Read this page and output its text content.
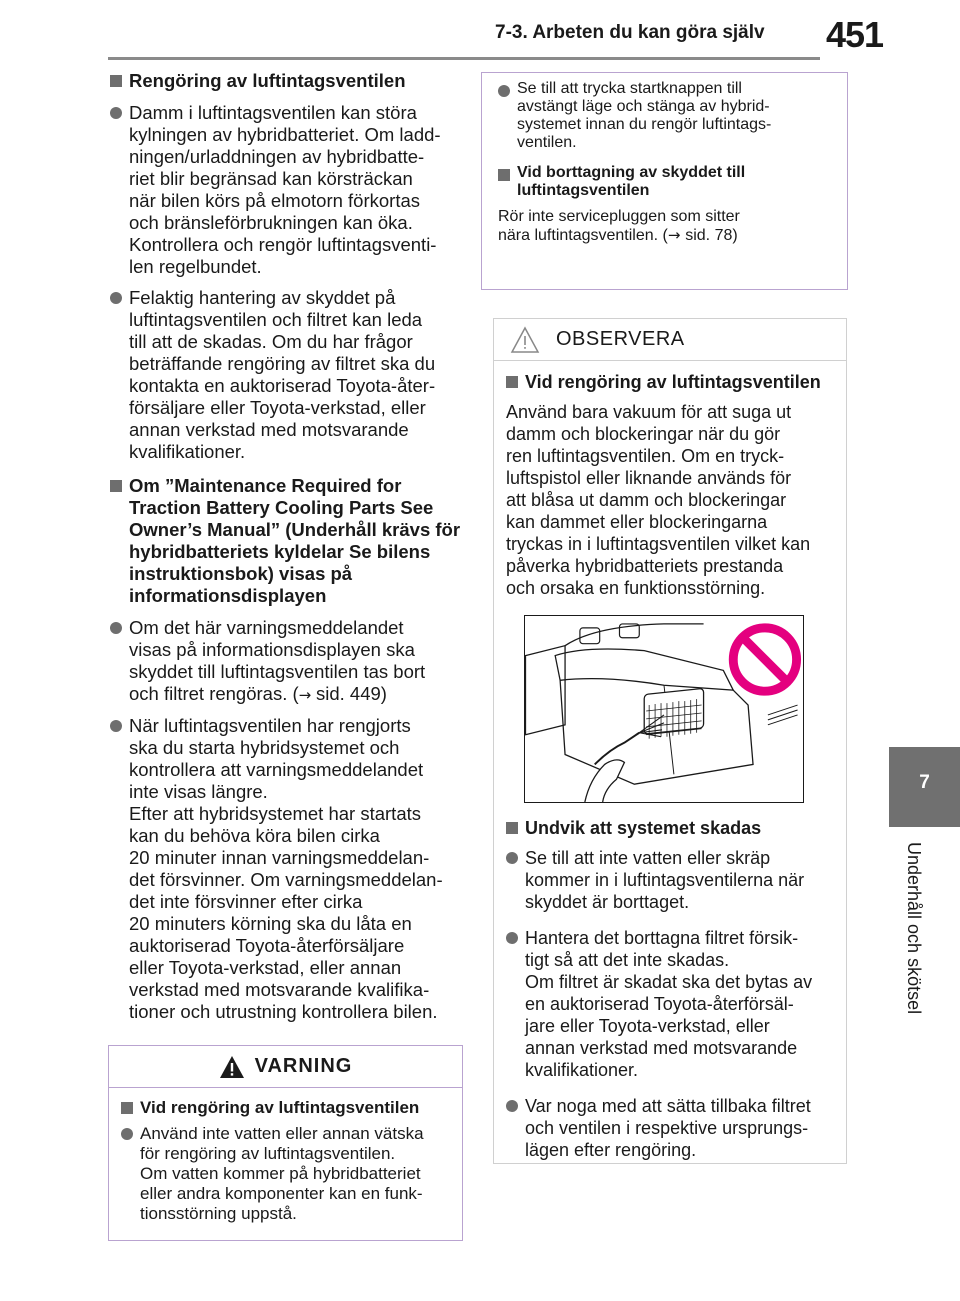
7-3. Arbeten du kan göra själv 451
7
Underhåll och skötsel
Rengöring av luftintagsventilen
Damm i luftintagsventilen kan störa
kylningen av hybridbatteriet. Om ladd-
ningen/urladdningen av hybridbatte-
riet blir begränsad kan körsträckan
när bilen körs på elmotorn förkortas
och bränsleförbrukningen kan öka.
Kontrollera och rengör luftintagsventi-
len regelbundet.
Felaktig hantering av skyddet på
luftintagsventilen och filtret kan leda
till att de skadas. Om du har frågor
beträffande rengöring av filtret ska du
kontakta en auktoriserad Toyota-åter-
försäljare eller Toyota-verkstad, eller
annan verkstad med motsvarande
kvalifikationer.
Om ”Maintenance Required for Traction Battery Cooling Parts See Owner’s Manual” (Underhåll krävs för hybridbatteriets kyldelar Se bilens instruktionsbok) visas på informationsdisplayen
Om det här varningsmeddelandet
visas på informationsdisplayen ska
skyddet till luftintagsventilen tas bort
och filtret rengöras. (→ sid. 449)
När luftintagsventilen har rengjorts
ska du starta hybridsystemet och
kontrollera att varningsmeddelandet
inte visas längre.
Efter att hybridsystemet har startats
kan du behöva köra bilen cirka
20 minuter innan varningsmeddelan-
det försvinner. Om varningsmeddelan-
det inte försvinner efter cirka
20 minuters körning ska du låta en
auktoriserad Toyota-återförsäljare
eller Toyota-verkstad, eller annan
verkstad med motsvarande kvalifika-
tioner och utrustning kontrollera bilen.
VARNING
Vid rengöring av luftintagsventilen
Använd inte vatten eller annan vätska
för rengöring av luftintagsventilen.
Om vatten kommer på hybridbatteriet
eller andra komponenter kan en funk-
tionsstörning uppstå.
Se till att trycka startknappen till
avstängt läge och stänga av hybrid-
systemet innan du rengör luftintags-
ventilen.
Vid borttagning av skyddet till luftintagsventilen
Rör inte servicepluggen som sitter
nära luftintagsventilen. (→ sid. 78)
OBSERVERA
Vid rengöring av luftintagsventilen
Använd bara vakuum för att suga ut
damm och blockeringar när du gör
ren luftintagsventilen. Om en tryck-
luftspistol eller liknande används för
att blåsa ut damm och blockeringar
kan dammet eller blockeringarna
tryckas in i luftintagsventilen vilket kan
påverka hybridbatteriets prestanda
och orsaka en funktionsstörning.
Undvik att systemet skadas
Se till att inte vatten eller skräp
kommer in i luftintagsventilerna när
skyddet är borttaget.
Hantera det borttagna filtret försik-
tigt så att det inte skadas.
Om filtret är skadat ska det bytas av
en auktoriserad Toyota-återförsäl-
jare eller Toyota-verkstad, eller
annan verkstad med motsvarande
kvalifikationer.
Var noga med att sätta tillbaka filtret
och ventilen i respektive ursprungs-
lägen efter rengöring.
